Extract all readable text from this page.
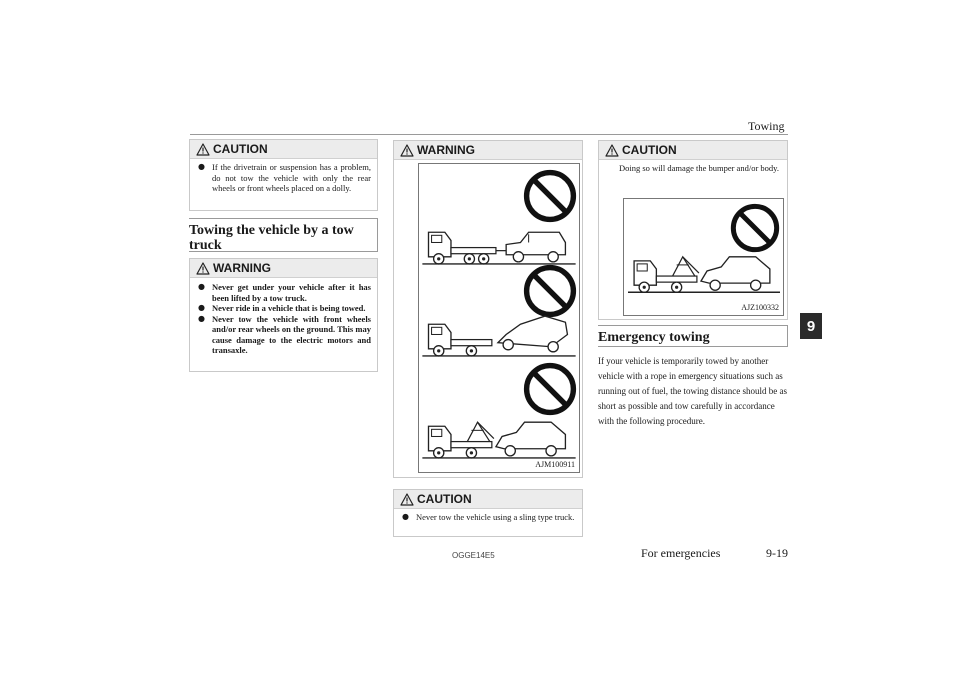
Towing
9
CAUTION
● If the drivetrain or suspension has a problem, do not tow the vehicle with only the rear wheels or front wheels placed on a dolly.
Towing the vehicle by a tow truck
WARNING
● Never get under your vehicle after it has been lifted by a tow truck.
● Never ride in a vehicle that is being towed.
● Never tow the vehicle with front wheels and/or rear wheels on the ground. This may cause damage to the electric motors and transaxle.
WARNING
AJM100911
CAUTION
● Never tow the vehicle using a sling type truck.
CAUTION
Doing so will damage the bumper and/or body.
AJZ100332
Emergency towing
If your vehicle is temporarily towed by another vehicle with a rope in emergency situations such as running out of fuel, the towing distance should be as short as possible and tow carefully in accordance with the following procedure.
OGGE14E5	For emergencies	9-19
